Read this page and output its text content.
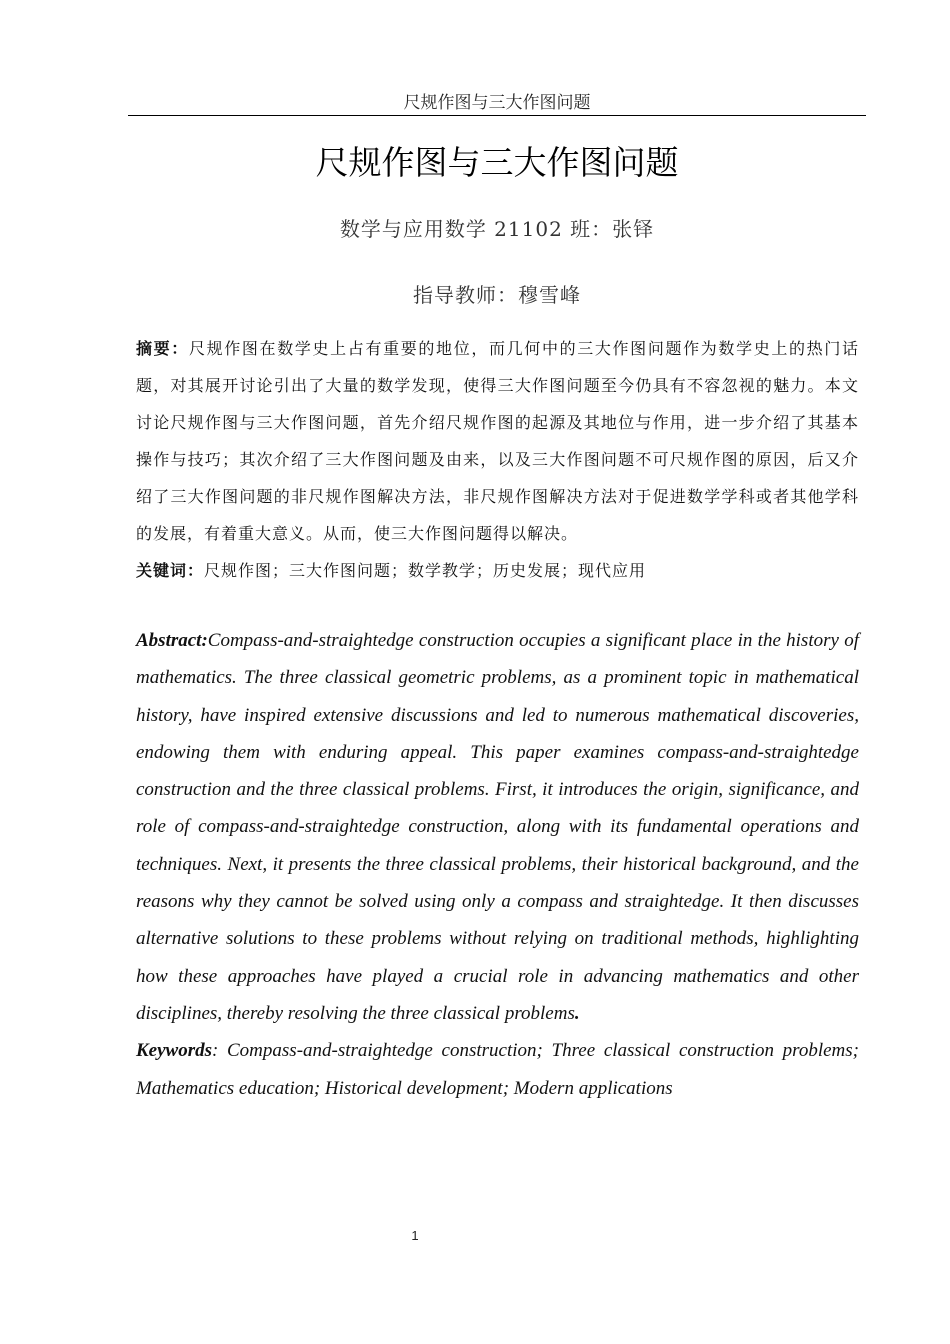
尺规作图与三大作图问题
尺规作图与三大作图问题
数学与应用数学 21102 班：张铎
指导教师：穆雪峰

摘要：尺规作图在数学史上占有重要的地位，而几何中的三大作图问题作为数学史上的热门话题，对其展开讨论引出了大量的数学发现，使得三大作图问题至今仍具有不容忽视的魅力。本文讨论尺规作图与三大作图问题，首先介绍尺规作图的起源及其地位与作用，进一步介绍了其基本操作与技巧；其次介绍了三大作图问题及由来，以及三大作图问题不可尺规作图的原因，后又介绍了三大作图问题的非尺规作图解决方法，非尺规作图解决方法对于促进数学学科或者其他学科的发展，有着重大意义。从而，使三大作图问题得以解决。

关键词：尺规作图；三大作图问题；数学教学；历史发展；现代应用

Abstract:Compass-and-straightedge construction occupies a significant place in the history of mathematics. The three classical geometric problems, as a prominent topic in mathematical history, have inspired extensive discussions and led to numerous mathematical discoveries, endowing them with enduring appeal. This paper examines compass-and-straightedge construction and the three classical problems. First, it introduces the origin, significance, and role of compass-and-straightedge construction, along with its fundamental operations and techniques. Next, it presents the three classical problems, their historical background, and the reasons why they cannot be solved using only a compass and straightedge. It then discusses alternative solutions to these problems without relying on traditional methods, highlighting how these approaches have played a crucial role in advancing mathematics and other disciplines, thereby resolving the three classical problems.

Keywords: Compass-and-straightedge construction; Three classical construction problems; Mathematics education; Historical development; Modern applications

1
